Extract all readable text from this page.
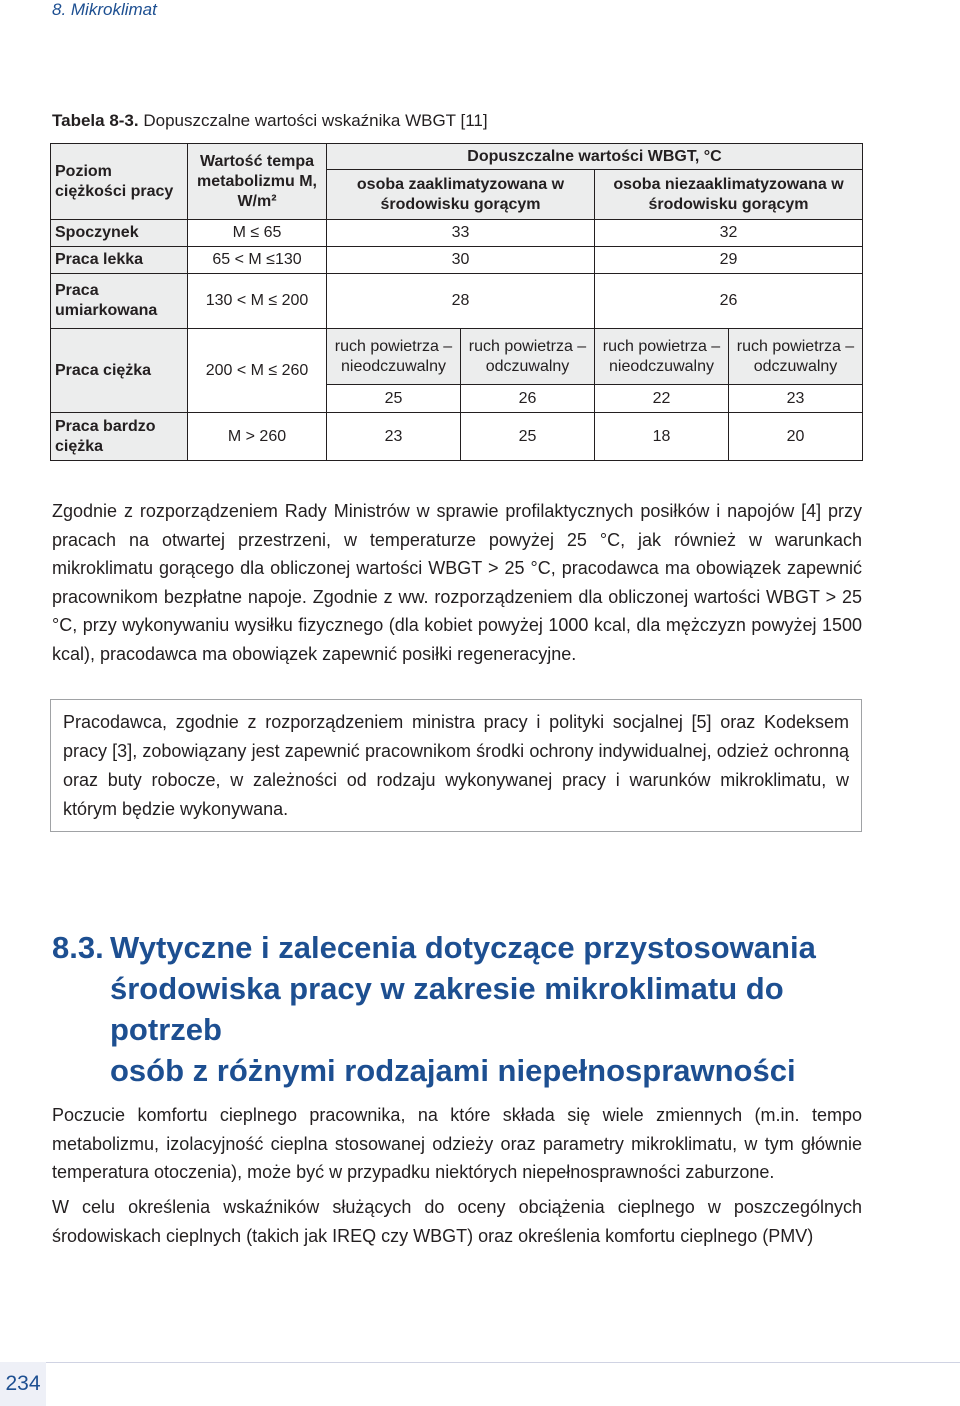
8. Mikroklimat
Tabela 8-3. Dopuszczalne wartości wskaźnika WBGT [11]
Poziom ciężkości pracy	Wartość tempa metabolizmu M, W/m²	Dopuszczalne wartości WBGT, °C			
		osoba zaaklimatyzowana w środowisku gorącym		osoba niezaaklimatyzowana w środowisku gorącym	
Spoczynek	M ≤ 65	33		32	
Praca lekka	65 < M ≤130	30		29	
Praca umiarkowana	130 < M ≤ 200	28		26	
Praca ciężka	200 < M ≤ 260	ruch powietrza – nieodczuwalny	ruch powietrza – odczuwalny	ruch powietrza – nieodczuwalny	ruch powietrza – odczuwalny
		25	26	22	23
Praca bardzo ciężka	M > 260	23	25	18	20

Zgodnie z rozporządzeniem Rady Ministrów w sprawie profilaktycznych posiłków i napojów [4] przy pracach na otwartej przestrzeni, w temperaturze powyżej 25 °C, jak również w warunkach mikroklimatu gorącego dla obliczonej wartości WBGT > 25 °C, pracodawca ma obowiązek zapewnić pracownikom bezpłatne napoje. Zgodnie z ww. rozporządzeniem dla obliczonej wartości WBGT > 25 °C, przy wykonywaniu wysiłku fizycznego (dla kobiet powyżej 1000 kcal, dla mężczyzn powyżej 1500 kcal), pracodawca ma obowiązek zapewnić posiłki regeneracyjne.

Pracodawca, zgodnie z rozporządzeniem ministra pracy i polityki socjalnej [5] oraz Kodeksem pracy [3], zobowiązany jest zapewnić pracownikom środki ochrony indywidualnej, odzież ochronną oraz buty robocze, w zależności od rodzaju wykonywanej pracy i warunków mikroklimatu, w którym będzie wykonywana.
8.3. Wytyczne i zalecenia dotyczące przystosowania
środowiska pracy w zakresie mikroklimatu do potrzeb
osób z różnymi rodzajami niepełnosprawności

Poczucie komfortu cieplnego pracownika, na które składa się wiele zmiennych (m.in. tempo metabolizmu, izolacyjność cieplna stosowanej odzieży oraz parametry mikroklimatu, w tym głównie temperatura otoczenia), może być w przypadku niektórych niepełnosprawności zaburzone.

W celu określenia wskaźników służących do oceny obciążenia cieplnego w poszczególnych środowiskach cieplnych (takich jak IREQ czy WBGT) oraz określenia komfortu cieplnego (PMV)

234
